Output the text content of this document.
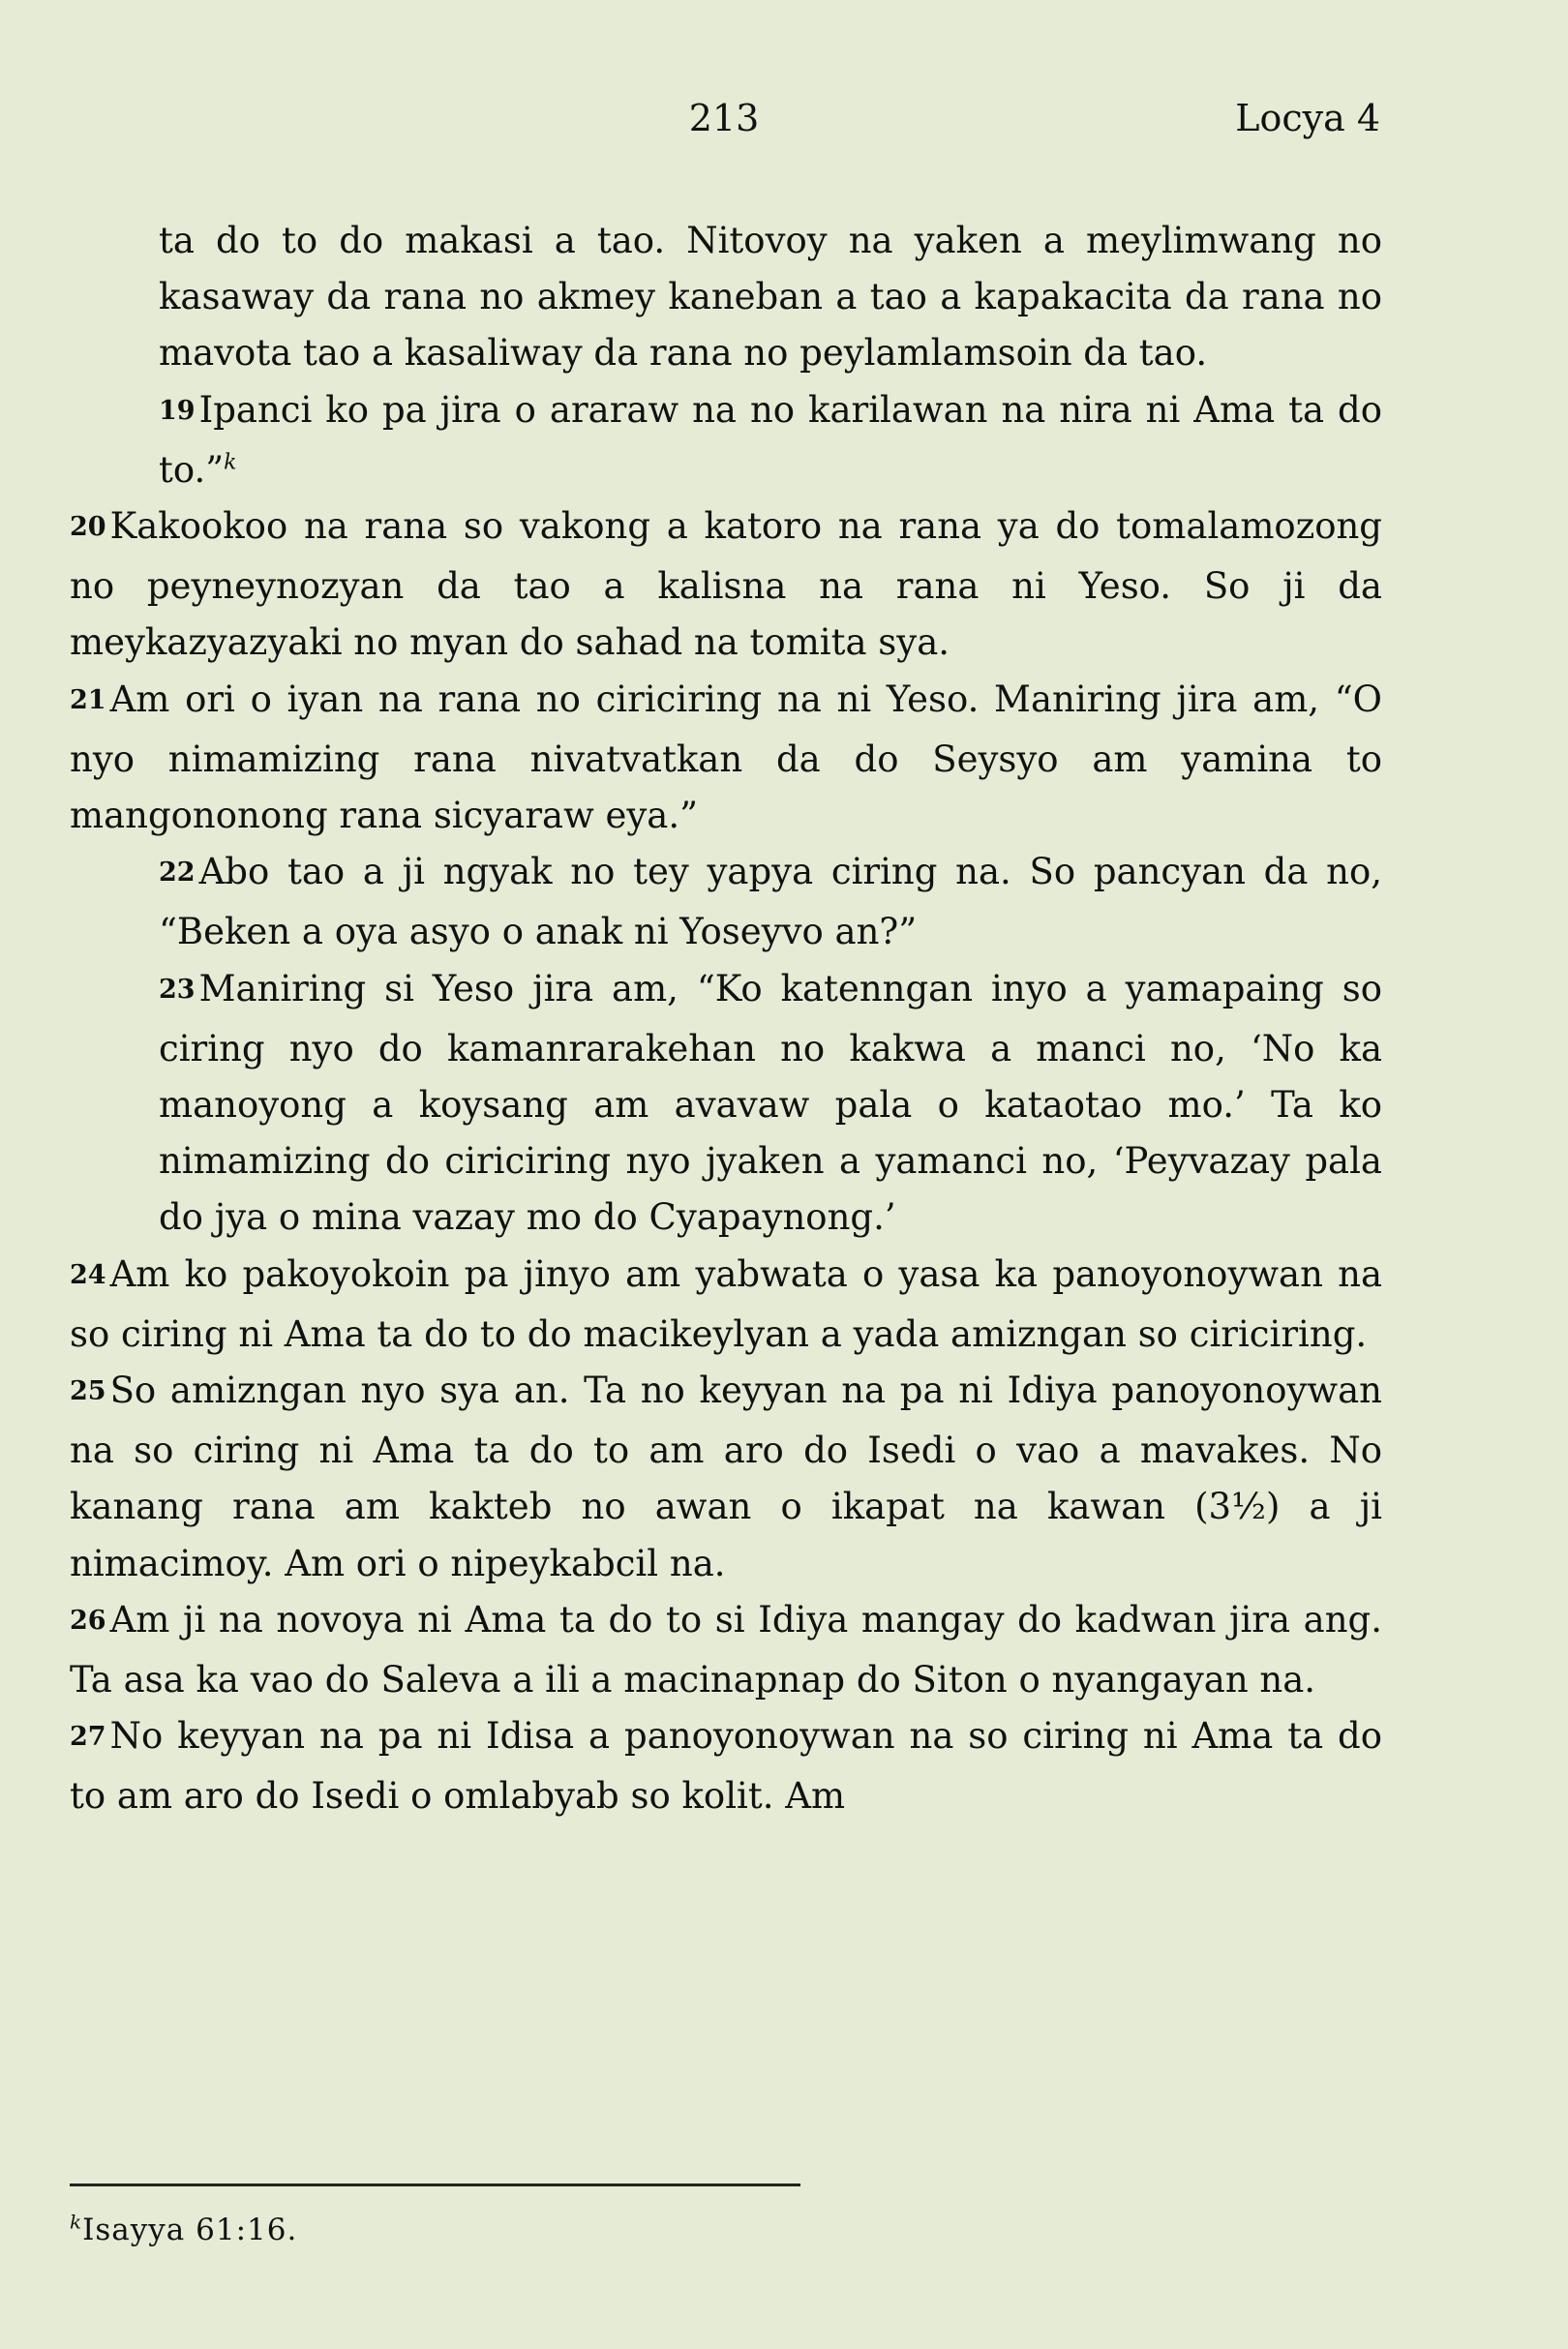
213	Locya 4

ta do to do makasi a tao. Nitovoy na yaken a meylimwang no kasaway da rana no akmey kaneban a tao a kapakacita da rana no mavota tao a kasaliway da rana no peylamlamsoin da tao.

19 Ipanci ko pa jira o araraw na no karilawan na nira ni Ama ta do to.”$^k$

20 Kakookoo na rana so vakong a katoro na rana ya do tomalamozong no peyneynozyan da tao a kalisna na rana ni Yeso. So ji da meykazyazyaki no myan do sahad na tomita sya.

21 Am ori o iyan na rana no ciriciring na ni Yeso. Maniring jira am, “O nyo nimamizing rana nivatvatkan da do Seysyo am yamina to mangononong rana sicyaraw eya.”

22 Abo tao a ji ngyak no tey yapya ciring na. So pancyan da no, “Beken a oya asyo o anak ni Yoseyvo an?”

23 Maniring si Yeso jira am, “Ko katenngan inyo a yamapaing so ciring nyo do kamanrarakehan no kakwa a manci no, ‘No ka manoyong a koysang am avavaw pala o kataotao mo.’ Ta ko nimamizing do ciriciring nyo jyaken a yamanci no, ‘Peyvazay pala do jya o mina vazay mo do Cyapaynong.’

24 Am ko pakoyokoin pa jinyo am yabwata o yasa ka panoyonoywan na so ciring ni Ama ta do to do macikeylyan a yada amizngan so ciriciring.

25 So amizngan nyo sya an. Ta no keyyan na pa ni Idiya panoyonoywan na so ciring ni Ama ta do to am aro do Isedi o vao a mavakes. No kanang rana am kakteb no awan o ikapat na kawan (3½) a ji nimacimoy. Am ori o nipeykabcil na.

26 Am ji na novoya ni Ama ta do to si Idiya mangay do kadwan jira ang. Ta asa ka vao do Saleva a ili a macinapnap do Siton o nyangayan na.

27 No keyyan na pa ni Idisa a panoyonoywan na so ciring ni Ama ta do to am aro do Isedi o omlabyab so kolit. Am

$^k$Isayya 61:16.
